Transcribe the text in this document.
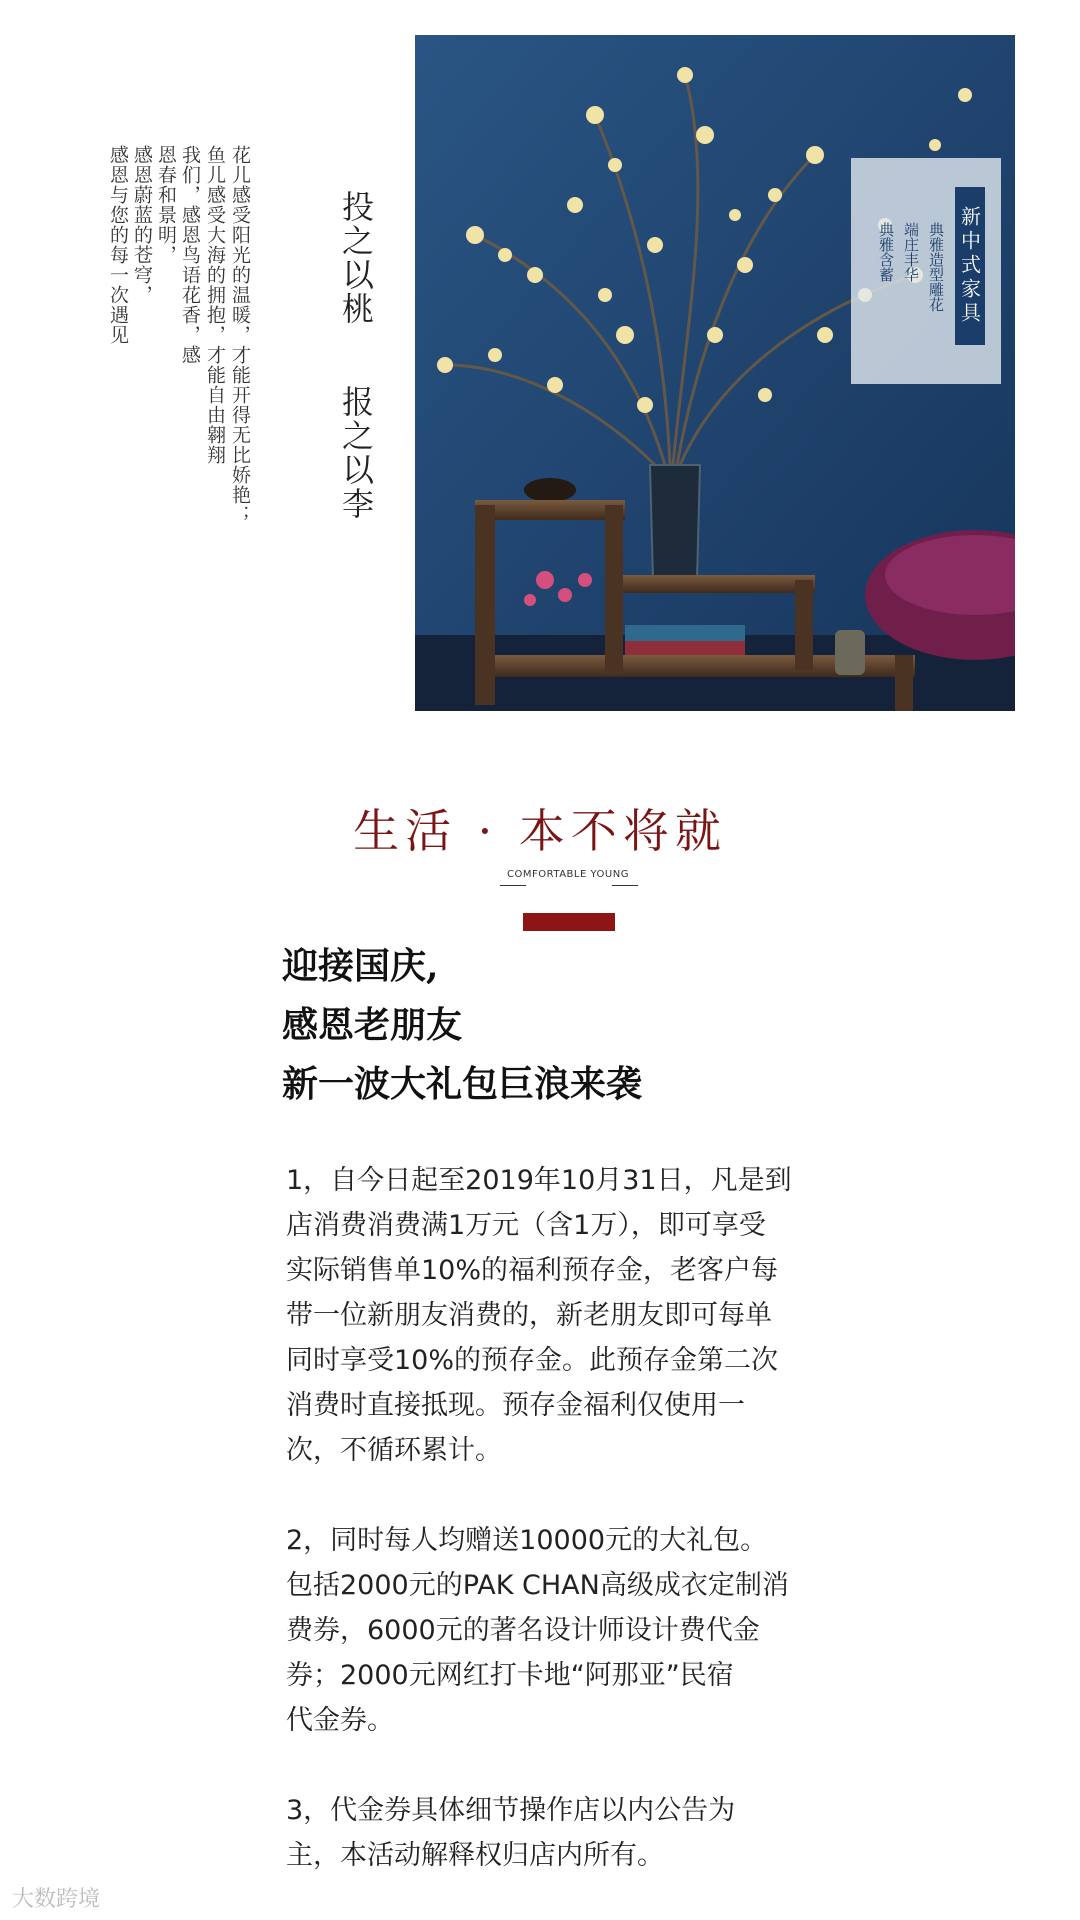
花儿感受阳光的温暖，才能开得无比娇艳；
鱼儿感受大海的拥抱，才能自由翱翔
我们，感恩鸟语花香，感
恩春和景明，
感恩蔚蓝的苍穹，
感恩与您的每一次遇见	投之以桃
报之以李
新中式家具
典雅造型雕花
端庄丰华
典雅含蓄
生活 · 本不将就
COMFORTABLE YOUNG
迎接国庆,
感恩老朋友
新一波大礼包巨浪来袭
1，自今日起至2019年10月31日，凡是到
店消费消费满1万元（含1万），即可享受
实际销售单10%的福利预存金，老客户每
带一位新朋友消费的，新老朋友即可每单
同时享受10%的预存金。此预存金第二次
消费时直接抵现。预存金福利仅使用一
次，不循环累计。
2，同时每人均赠送10000元的大礼包。
包括2000元的PAK CHAN高级成衣定制消
费券，6000元的著名设计师设计费代金
券；2000元网红打卡地“阿那亚”民宿
代金券。
3，代金券具体细节操作店以内公告为
主，本活动解释权归店内所有。
大数跨境
